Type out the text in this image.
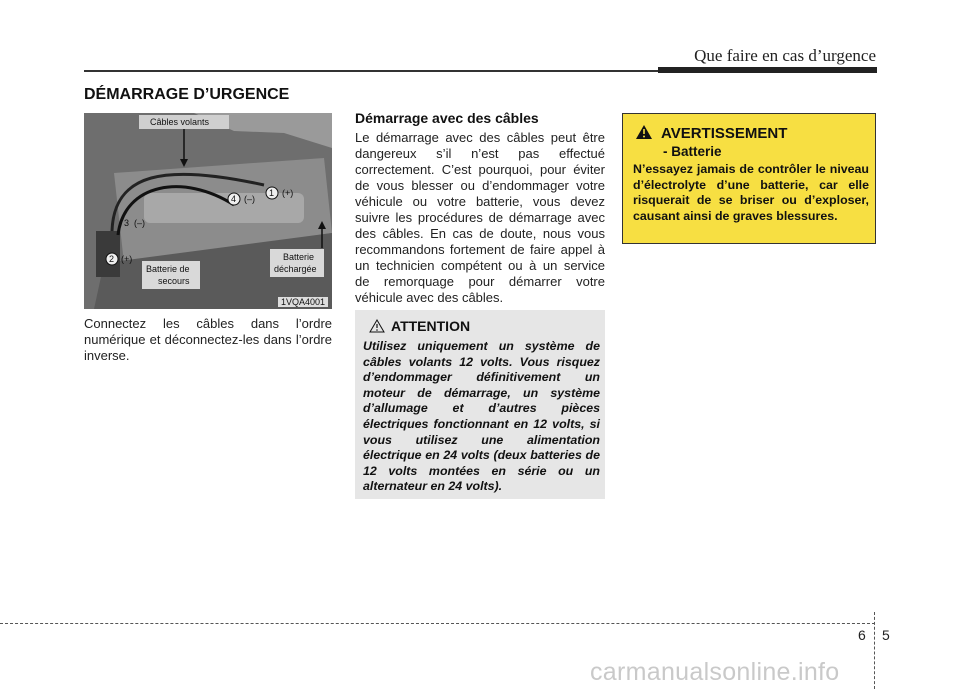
Que faire en cas d’urgence
DÉMARRAGE D’URGENCE
Câbles volants
1 (+)
4 (–)
3 (–)
2 (+)
Batterie de
secours
Batterie
déchargée
1VQA4001
Connectez les câbles dans l’ordre numérique et déconnectez-les dans l’ordre inverse.
Démarrage avec des câbles
Le démarrage avec des câbles peut être dangereux s’il n’est pas effectué correctement. C’est pourquoi, pour éviter de vous blesser ou d’endommager votre véhicule ou votre batterie, vous devez suivre les procédures de démarrage avec des câbles. En cas de doute, nous vous recommandons fortement de faire appel à un technicien compétent ou à un service de remorquage pour démarrer votre véhicule avec des câbles.
ATTENTION
Utilisez uniquement un système de câbles volants 12 volts. Vous risquez d’endommager définitivement un moteur de démarrage, un système d’allumage et d’autres pièces électriques fonctionnant en 12 volts, si vous utilisez une alimentation électrique en 24 volts (deux batteries de 12 volts montées en série ou un alternateur en 24 volts).
AVERTISSEMENT
- Batterie
N’essayez jamais de contrôler le niveau d’électrolyte d’une batterie, car elle risquerait de se briser ou d’exploser, causant ainsi de graves blessures.
6 5
carmanualsonline.info
